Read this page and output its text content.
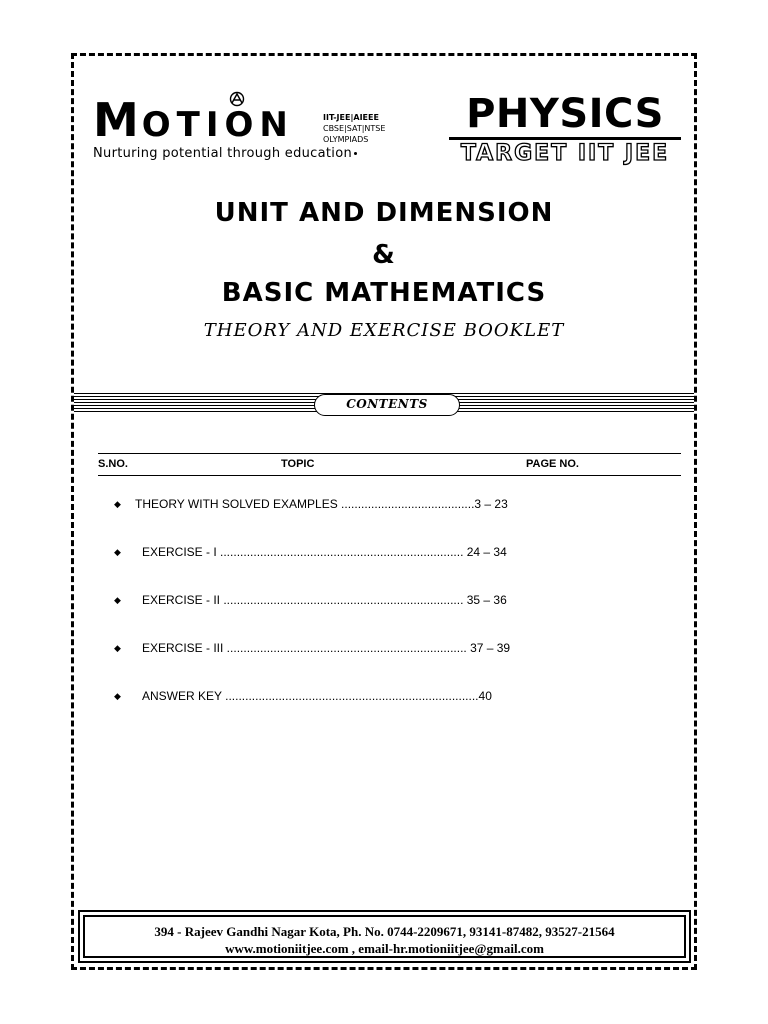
MOTION	IIT-JEE|AIEEE
CBSE|SAT|NTSE
OLYMPIADS
Nurturing potential through education
PHYSICS
TARGET IIT JEE
UNIT AND DIMENSION
&
BASIC MATHEMATICS
THEORY AND EXERCISE BOOKLET
CONTENTS
S.NO.	TOPIC	PAGE NO.
◆ THEORY WITH SOLVED EXAMPLES ........................................3 – 23
◆ EXERCISE - I ......................................................................... 24 – 34
◆ EXERCISE - II ........................................................................ 35 – 36
◆ EXERCISE - III ........................................................................ 37 – 39
◆ ANSWER KEY ............................................................................40
394 - Rajeev Gandhi Nagar Kota, Ph. No. 0744-2209671, 93141-87482, 93527-21564
www.motioniitjee.com , email-hr.motioniitjee@gmail.com
